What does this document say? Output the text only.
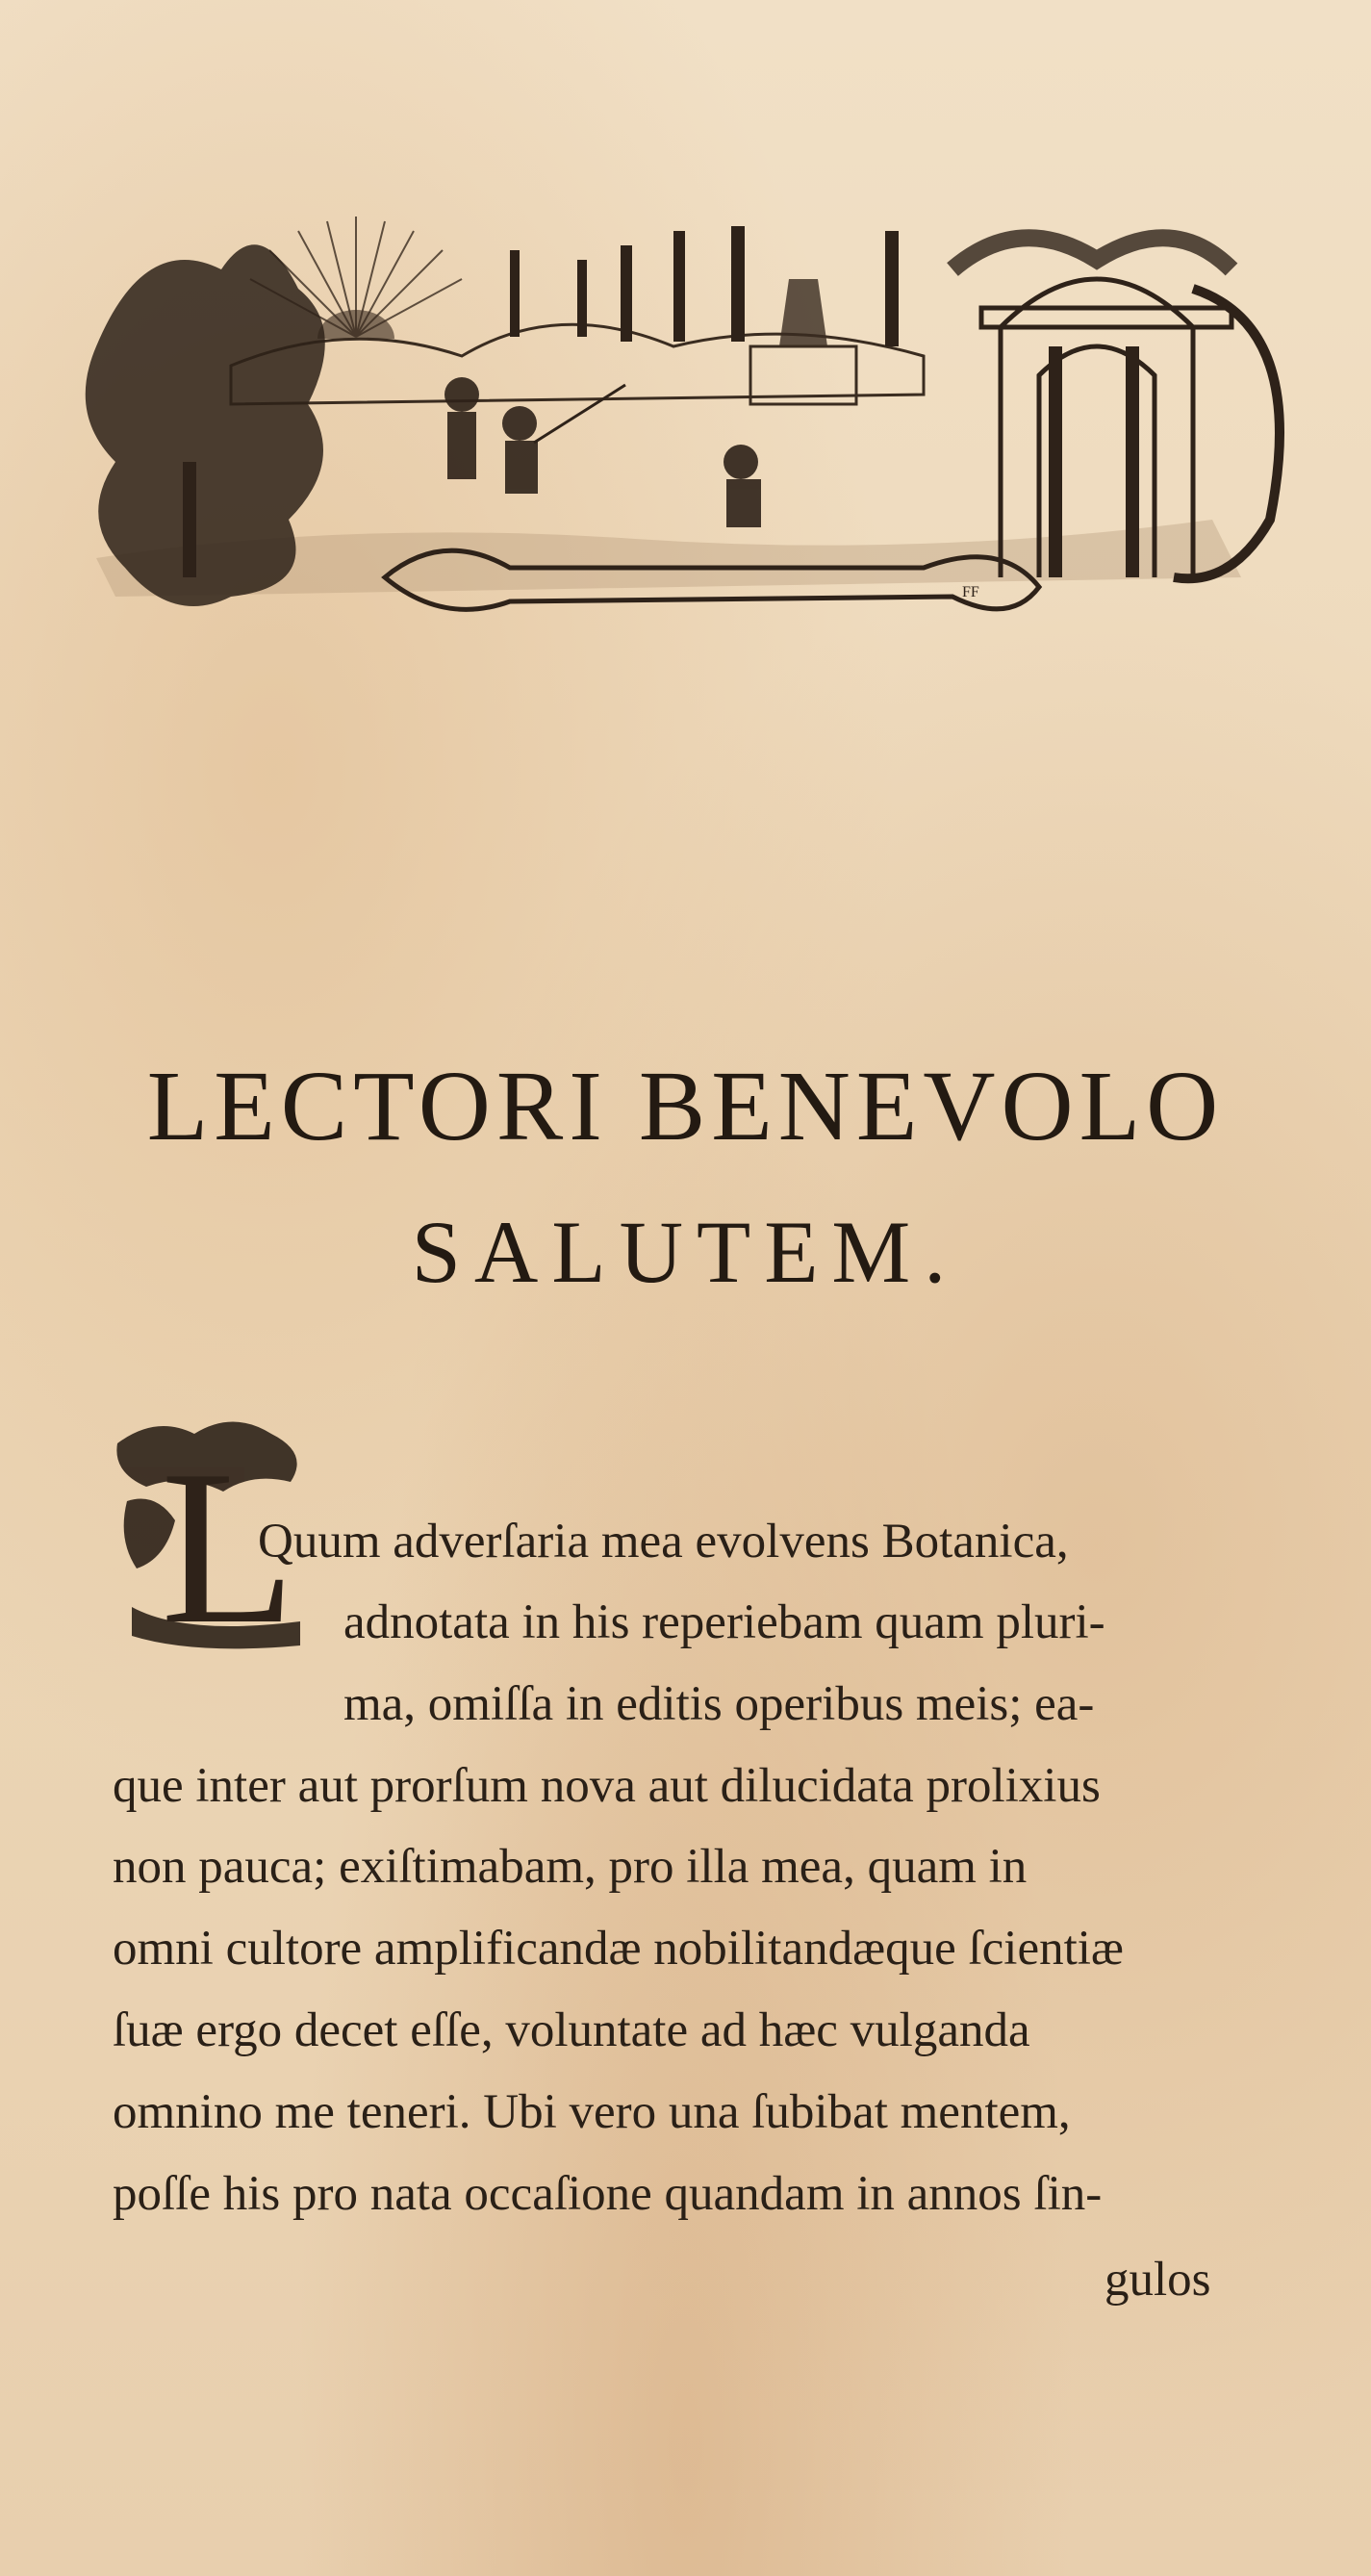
FF
LECTORI BENEVOLO
SALUTEM.
L

Quum adverſaria mea evolvens Botanica,

adnotata in his reperiebam quam pluri-

ma, omiſſa in editis operibus meis; ea-

que inter aut prorſum nova aut dilucidata prolixius

non pauca; exiſtimabam, pro illa mea, quam in

omni cultore amplificandæ nobilitandæque ſcientiæ

ſuæ ergo decet eſſe, voluntate ad hæc vulganda

omnino me teneri. Ubi vero una ſubibat mentem,

poſſe his pro nata occaſione quandam in annos ſin-

gulos
